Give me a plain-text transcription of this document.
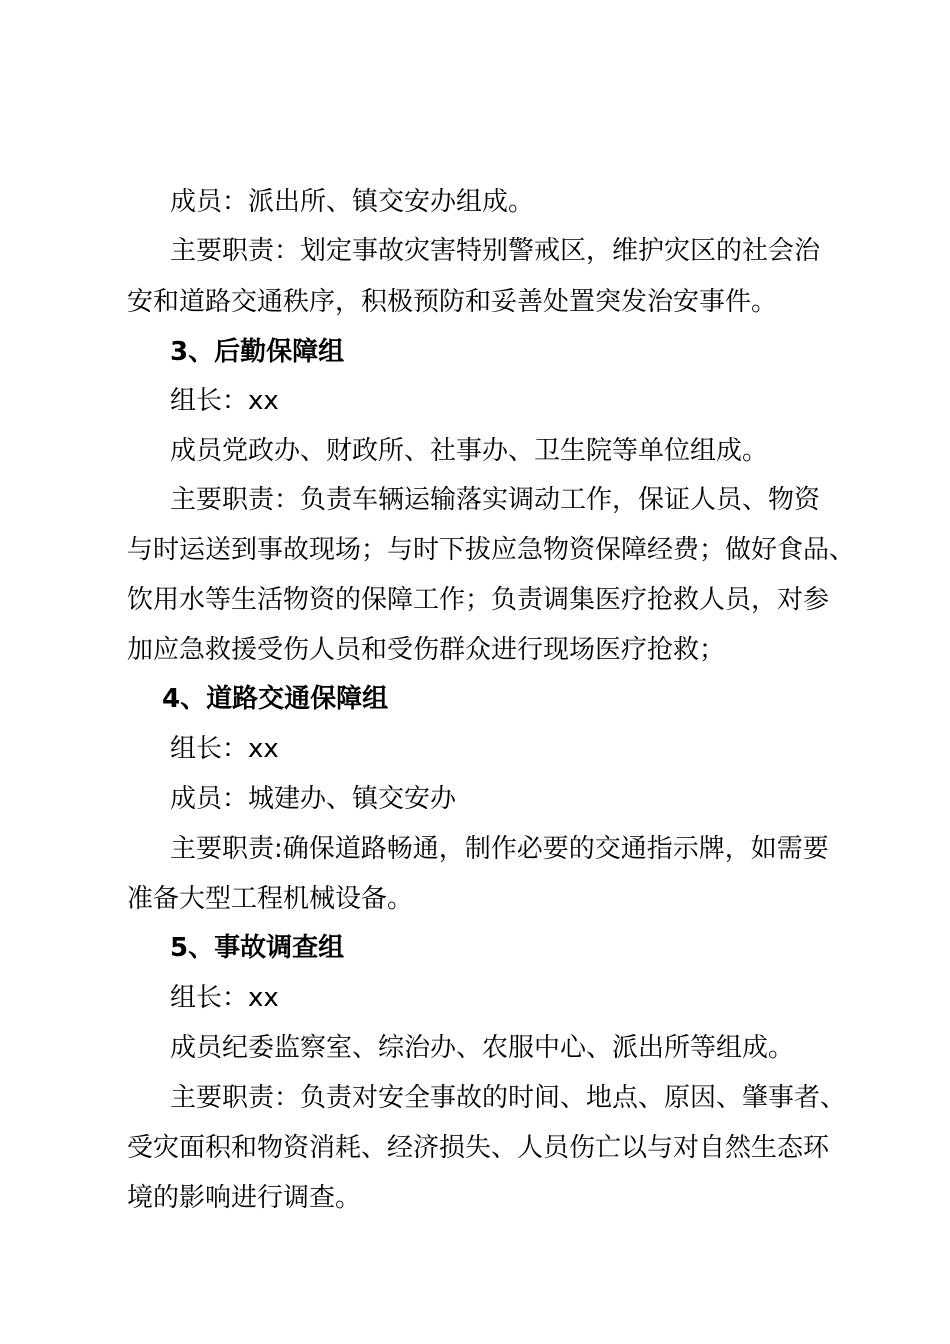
成员：派出所、镇交安办组成。
主要职责：划定事故灾害特别警戒区，维护灾区的社会治
安和道路交通秩序，积极预防和妥善处置突发治安事件。
3、后勤保障组
组长：xx
成员党政办、财政所、社事办、卫生院等单位组成。
主要职责：负责车辆运输落实调动工作，保证人员、物资
与时运送到事故现场；与时下拔应急物资保障经费；做好食品、
饮用水等生活物资的保障工作；负责调集医疗抢救人员，对参
加应急救援受伤人员和受伤群众进行现场医疗抢救；
4、道路交通保障组
组长：xx
成员：城建办、镇交安办
主要职责:确保道路畅通，制作必要的交通指示牌，如需要
准备大型工程机械设备。
5、事故调查组
组长：xx
成员纪委监察室、综治办、农服中心、派出所等组成。
主要职责：负责对安全事故的时间、地点、原因、肇事者、
受灾面积和物资消耗、经济损失、人员伤亡以与对自然生态环
境的影响进行调查。
